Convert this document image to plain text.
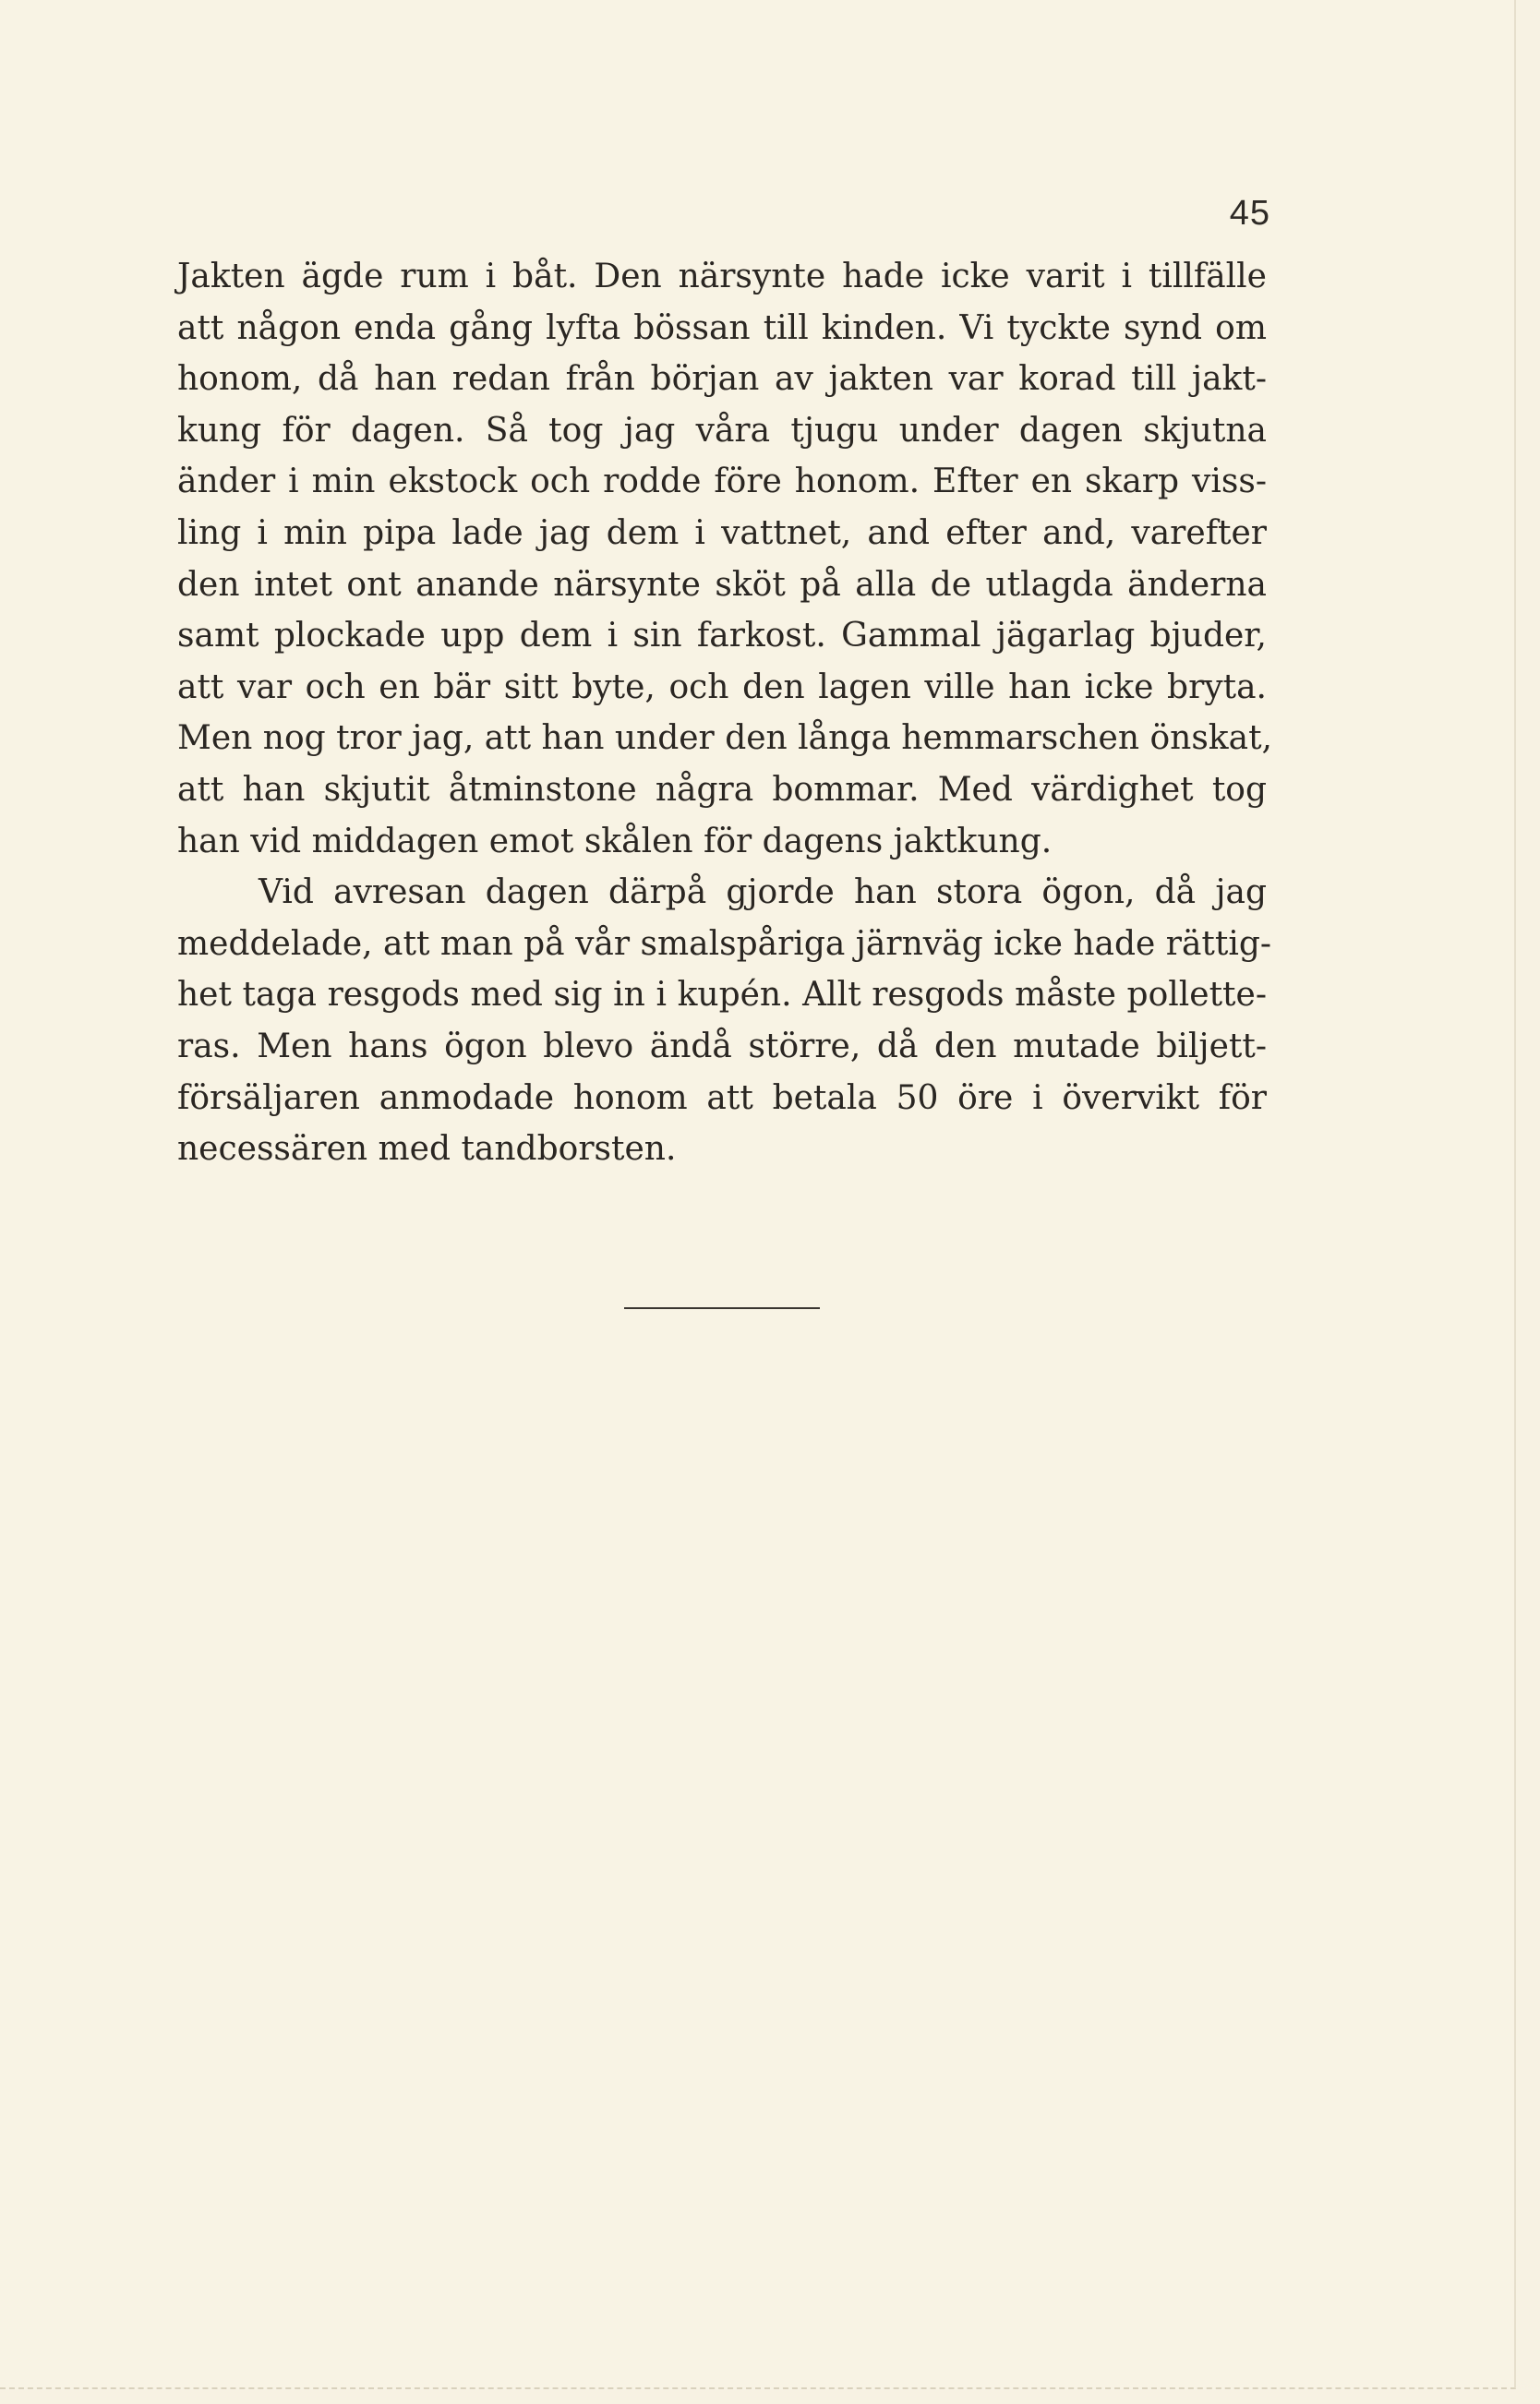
45

Jakten ägde rum i båt. Den närsynte hade icke varit i tillfälle
att någon enda gång lyfta bössan till kinden. Vi tyckte synd om
honom, då han redan från början av jakten var korad till jakt-
kung för dagen. Så tog jag våra tjugu under dagen skjutna
änder i min ekstock och rodde före honom. Efter en skarp viss-
ling i min pipa lade jag dem i vattnet, and efter and, varefter
den intet ont anande närsynte sköt på alla de utlagda änderna
samt plockade upp dem i sin farkost. Gammal jägarlag bjuder,
att var och en bär sitt byte, och den lagen ville han icke bryta.
Men nog tror jag, att han under den långa hemmarschen önskat,
att han skjutit åtminstone några bommar. Med värdighet tog
han vid middagen emot skålen för dagens jaktkung.

Vid avresan dagen därpå gjorde han stora ögon, då jag
meddelade, att man på vår smalspåriga järnväg icke hade rättig-
het taga resgods med sig in i kupén. Allt resgods måste pollette-
ras. Men hans ögon blevo ändå större, då den mutade biljett-
försäljaren anmodade honom att betala 50 öre i övervikt för
necessären med tandborsten.
